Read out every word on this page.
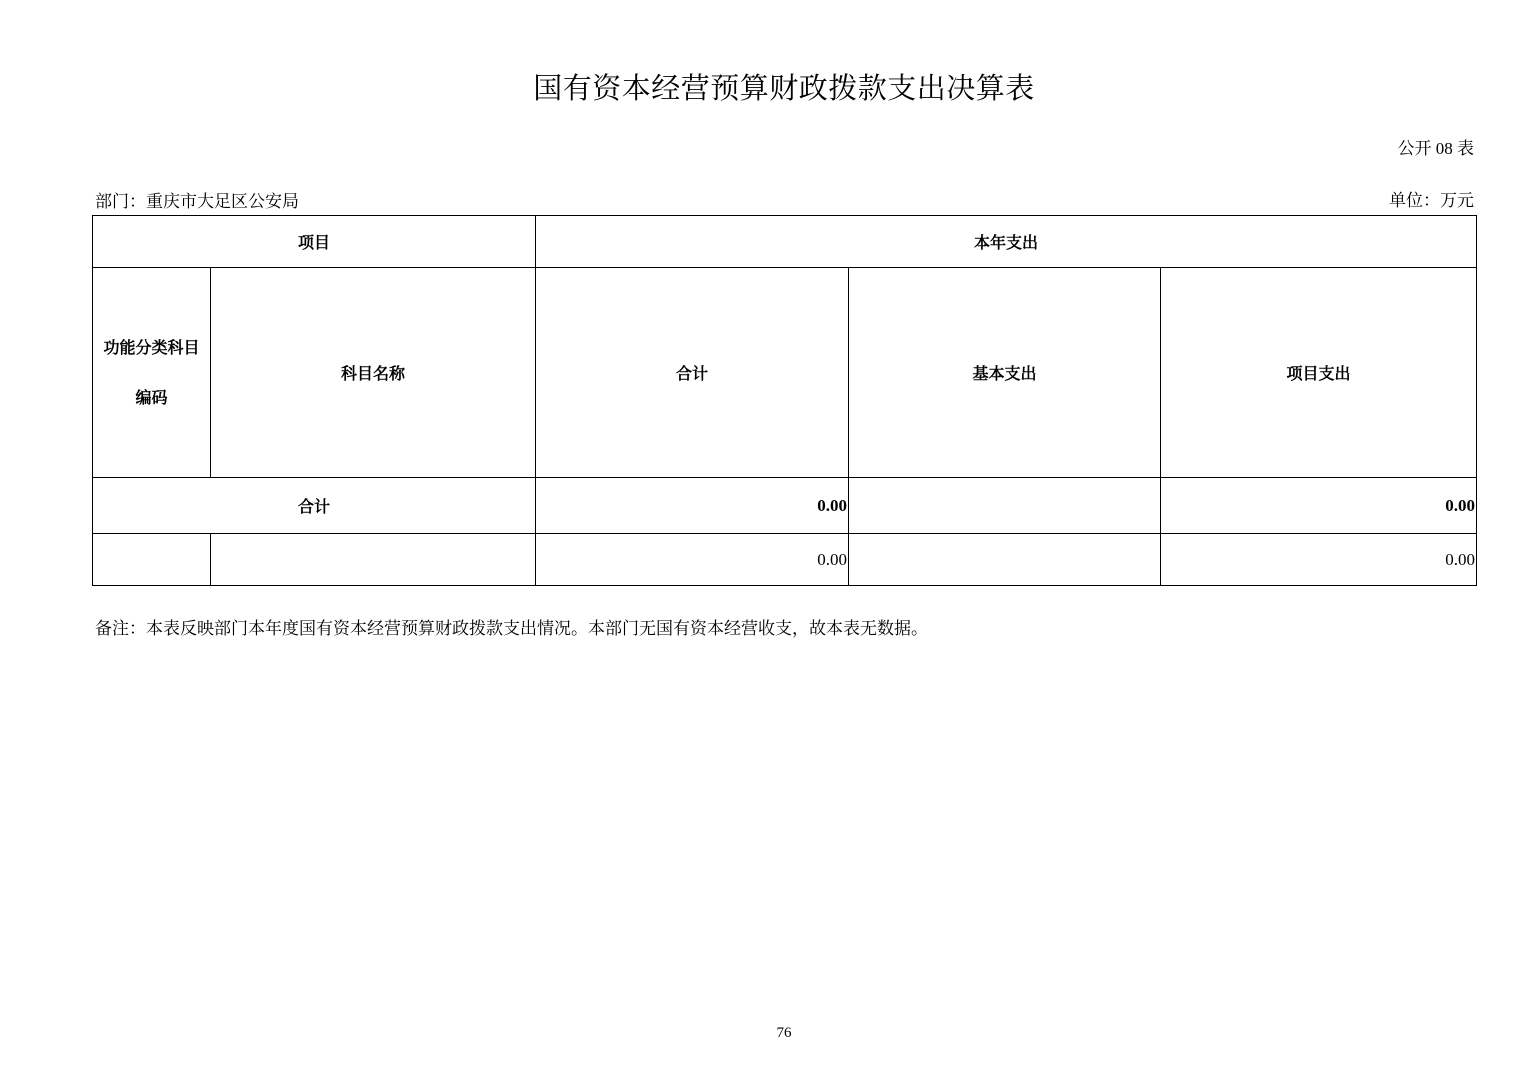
国有资本经营预算财政拨款支出决算表
公开 08 表
部门：重庆市大足区公安局	单位：万元
项目		本年支出		

功能分类科目
编码	科目名称	合计	基本支出	项目支出
合计		0.00		0.00
		0.00		0.00
备注：本表反映部门本年度国有资本经营预算财政拨款支出情况。本部门无国有资本经营收支，故本表无数据。
76
